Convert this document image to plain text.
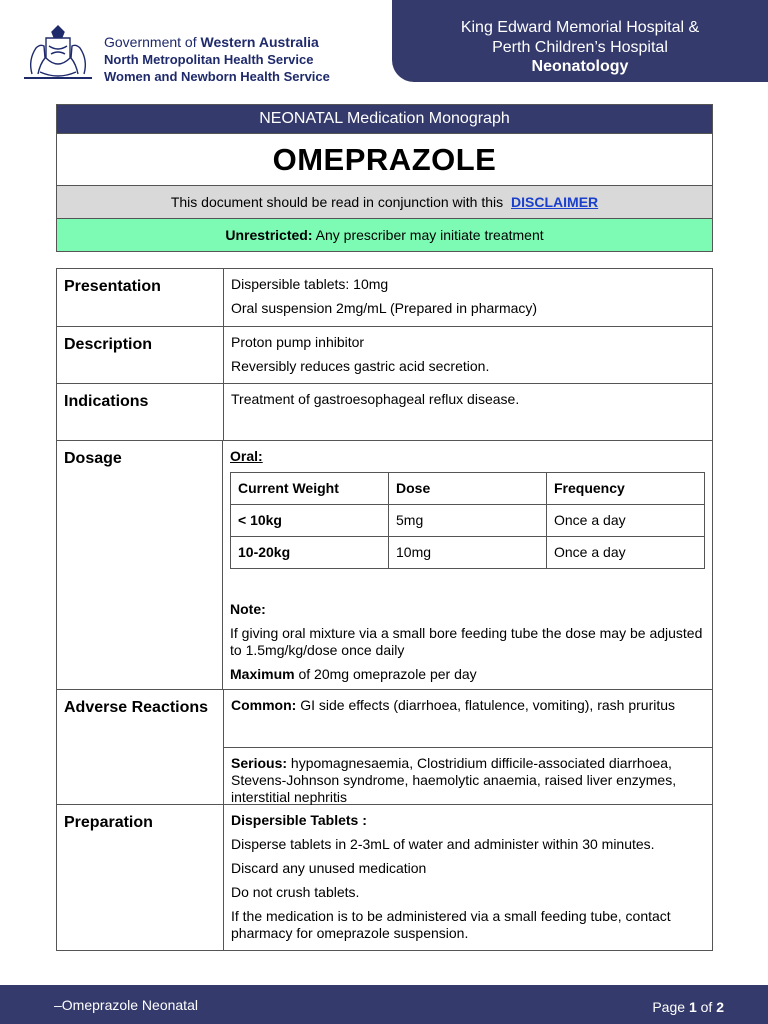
Government of Western Australia
North Metropolitan Health Service
Women and Newborn Health Service
King Edward Memorial Hospital &
Perth Children’s Hospital
Neonatology
NEONATAL Medication Monograph
OMEPRAZOLE
This document should be read in conjunction with this DISCLAIMER
Unrestricted: Any prescriber may initiate treatment
Presentation	Dispersible tablets: 10mg

Oral suspension 2mg/mL (Prepared in pharmacy)

Description	Proton pump inhibitor

Reversibly reduces gastric acid secretion.

Indications	Treatment of gastroesophageal reflux disease.

Dosage	Oral:

Current Weight	Dose	Frequency
< 10kg	5mg	Once a day
10-20kg	10mg	Once a day

Note:

If giving oral mixture via a small bore feeding tube the dose may be adjusted to 1.5mg/kg/dose once daily

Maximum of 20mg omeprazole per day

Adverse Reactions	Common: GI side effects (diarrhoea, flatulence, vomiting), rash pruritus

Serious: hypomagnesaemia, Clostridium difficile-associated diarrhoea, Stevens-Johnson syndrome, haemolytic anaemia, raised liver enzymes, interstitial nephritis

Preparation	Dispersible Tablets :

Disperse tablets in 2-3mL of water and administer within 30 minutes.

Discard any unused medication

Do not crush tablets.

If the medication is to be administered via a small feeding tube, contact pharmacy for omeprazole suspension.

–Omeprazole Neonatal	Page 1 of 2
